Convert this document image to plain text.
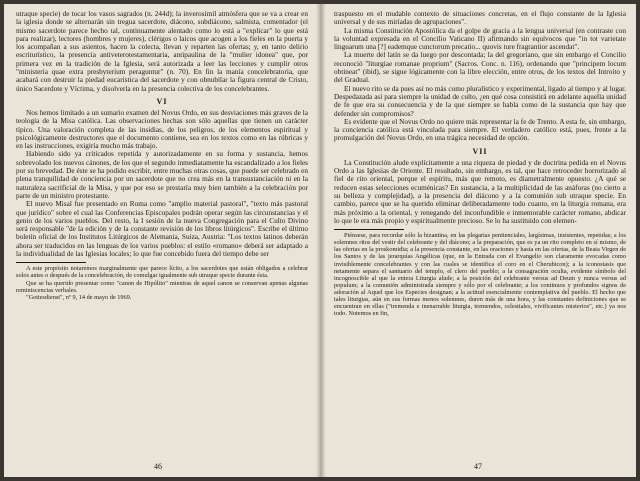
utraque specie) de tocar los vasos sagrados (n. 244d); la inverosímil atmósfera que se va a crear en la iglesia donde se alternarán sin tregua sacerdote, diácono, subdiácono, salmista, comentador (el mismo sacerdote parece hecho tal, continuamente alentado como lo está a "explicar" lo que está para realizar), lectores (hombres y mujeres), clérigos o laicos que acogen a los fieles en la puerta y los acompañan a sus asientos, hacen la colecta, llevan y reparten las ofertas; y, en tanto delirio escriturístico, la presencia antiveterotestamentaria, antipaulina de la "mulier idonea" que, por primera vez en la tradición de la Iglesia, será autorizada a leer las lecciones y cumplir otros "ministeria quae extra presbyterium peraguntur" (n. 70). En fin la manía concelebratoria, que acabará con destruir la piedad eucarística del sacerdote y con obnubilar la figura central de Cristo, único Sacerdote y Víctima, y disolverla en la presencia colectiva de los concelebrantes.

VI

Nos hemos limitado a un sumario examen del Novus Ordo, en sus desviaciones más graves de la teología de la Misa católica. Las observaciones hechas son sólo aquellas que tienen un carácter típico. Una valoración completa de las insidias, de los peligros, de los elementos espiritual y psicológicamente destructores que el documento contiene, sea en los textos como en las rúbricas y en las instrucciones, exigiría mucho más trabajo.

Habiendo sido ya criticados repetida y autorizadamente en su forma y sustancia, hemos sobrevolado los nuevos cánones, de los que el segundo inmediatamente ha escandalizado a los fieles por su brevedad. De éste se ha podido escribir, entre muchas otras cosas, que puede ser celebrado en plena tranquilidad de conciencia por un sacerdote que no crea más en la transustanciación ni en la naturaleza sacrificial de la Misa, y que por eso se prestaría muy bien también a la celebración por parte de un ministro protestante.

El nuevo Misal fue presentado en Roma como "amplio material pastoral", "texto más pastoral que jurídico" sobre el cual las Conferencias Episcopales podrán operar según las circunstancias y el genio de los varios pueblos. Del resto, la I sesión de la nueva Congregación para el Culto Divino será responsable "de la edición y de la constante revisión de los libros litúrgicos". Escribe el último boletín oficial de los Institutos Litúrgicos de Alemania, Suiza, Austria: "Los textos latinos deberán ahora ser traducidos en las lenguas de los varios pueblos: el estilo «romano» deberá ser adaptado a la individualidad de las Iglesias locales; lo que fue concebido fuera del tiempo debe ser

A este propósito notaremos marginalmente que parece lícito, a los sacerdotes que están obligados a celebrar solos antes o después de la concelebración, de comulgar igualmente sub utraque specie durante ésta.

Que se ha querido presentar como "canon de Hipólito" mientras de aquel canon se conservan apenas algunas reminiscencias verbales.

"Gottesdienst", nº 9, 14 de mayo de 1969.

traspuesto en el mudable contexto de situaciones concretas, en el flujo constante de la Iglesia universal y de sus miríadas de agrupaciones".

La misma Constitución Apostólica da el golpe de gracia a la lengua universal (en contraste con la voluntad expresada en el Concilio Vaticano II) afirmando sin equívocos que "in tot varietate linguarum una [?] eademque cunctorum precatio... quovis ture fragrantior ascendat".

La muerte del latín se da luego por descontada; la del gregoriano, que sin embargo el Concilio reconoció "liturgiae romanae proprium" (Sacros. Conc. n. 116), ordenando que "principem locum obtineat" (ibid), se sigue lógicamente con la libre elección, entre otros, de los textos del Introito y del Gradual.

El nuevo rito se da pues así no más como pluralístico y experimental, ligado al tiempo y al lugar. Despedazada así para siempre la unidad de culto, ¿en qué cosa consistirá en adelante aquella unidad de fe que era su consecuencia y de la que siempre se habla como de la sustancia que hay que defender sin compromisos?

Es evidente que el Novus Ordo no quiere más representar la fe de Trento. A esta fe, sin embargo, la conciencia católica está vinculada para siempre. El verdadero católico está, pues, frente a la promulgación del Novus Ordo, en una trágica necesidad de opción.

VII

La Constitución alude explícitamente a una riqueza de piedad y de doctrina pedida en el Novus Ordo a las Iglesias de Oriente. El resultado, sin embargo, es tal, que hace retroceder horrorizado al fiel de rito oriental, porque el espíritu, más que remoto, es diametralmente opuesto. ¿A qué se reducen estas selecciones ecuménicas? En sustancia, a la multiplicidad de las anáforas (no cierto a su belleza y complejidad), a la presencia del diácono y a la comunión sub utraque specie. En cambio, parece que se ha querido eliminar deliberadamente todo cuanto, en la liturgia romana, era más próximo a la oriental, y renegando del inconfundible e inmemorable carácter romano, abdicar lo que le era más propio y espiritualmente precioso. Se lo ha sustituido con elemen-

Piénsese, para recordar sólo la bizantina, en las plegarias penitenciales, largísimas, insistentes, repetidas; a los solemnes ritos del vestir del celebrante y del diácono; a la preparación, que es ya un rito completo en sí mismo, de las ofertas en la proskomidia; a la presencia constante, en las oraciones y hasta en las ofertas, de la Beata Virgen de los Santos y de las jerarquías Angélicas (que, en la Entrada con el Evangelio son claramente evocadas como invisiblemente concelebrantes y con las cuales se identifica el coro en el Cherubicon); a la iconostasis que netamente separa el santuario del templo, el clero del pueblo; a la consagración oculta, evidente símbolo del incognoscible al que la entera Liturgia alude; a la posición del celebrante versus ad Deum y nunca versus ad populum; a la comunión administrada siempre y sólo por el celebrante; a los continuos y profundos signos de adoración al Aquel que los Especies designan; a la actitud esencialmente contemplativa del pueblo. El hecho que tales liturgias, aún en sus formas menos solemnes, duren más de una hora, y las constantes definiciones que se encuentran en ellas ("tremenda e inenarrable liturgia, tremendos, celestiales, vivificantes misterios", etc.) ya nos todo. Notemos en fin,

46	47
